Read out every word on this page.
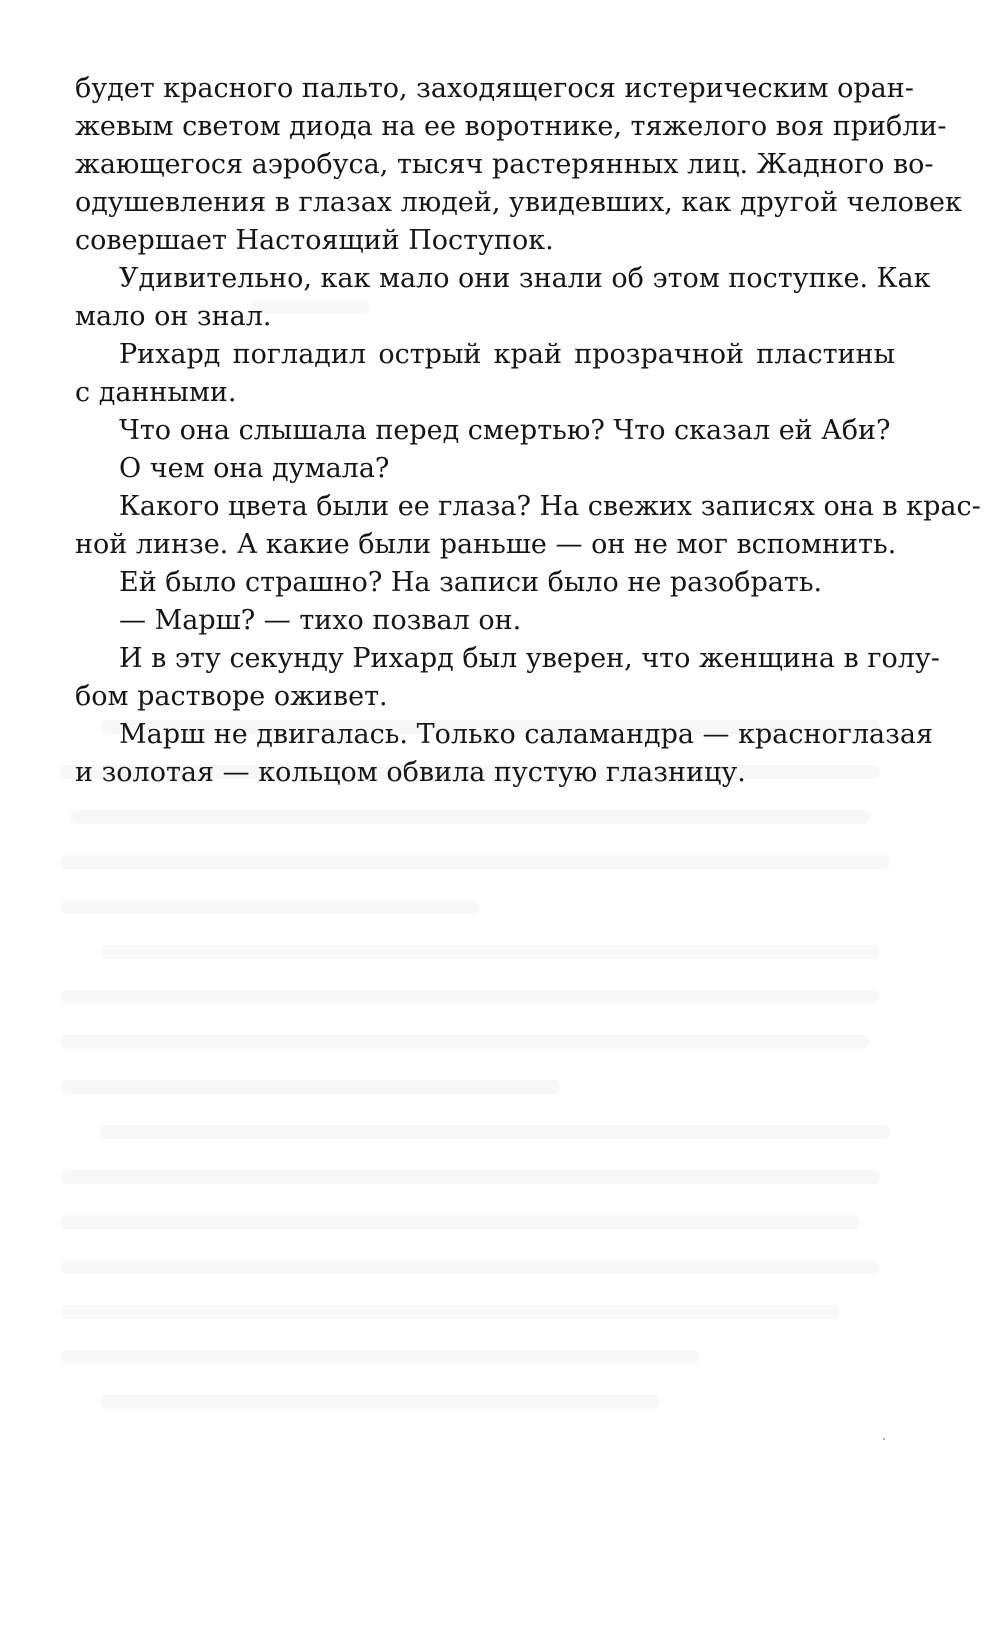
будет красного пальто, заходящегося истерическим оран-
жевым светом диода на ее воротнике, тяжелого воя прибли-
жающегося аэробуса, тысяч растерянных лиц. Жадного во-
одушевления в глазах людей, увидевших, как другой человек
совершает Настоящий Поступок.
Удивительно, как мало они знали об этом поступке. Как
мало он знал.
Рихард погладил острый край прозрачной пластины
с данными.
Что она слышала перед смертью? Что сказал ей Аби?
О чем она думала?
Какого цвета были ее глаза? На свежих записях она в крас-
ной линзе. А какие были раньше — он не мог вспомнить.
Ей было страшно? На записи было не разобрать.
— Марш? — тихо позвал он.
И в эту секунду Рихард был уверен, что женщина в голу-
бом растворе оживет.
Марш не двигалась. Только саламандра — красноглазая
и золотая — кольцом обвила пустую глазницу.
